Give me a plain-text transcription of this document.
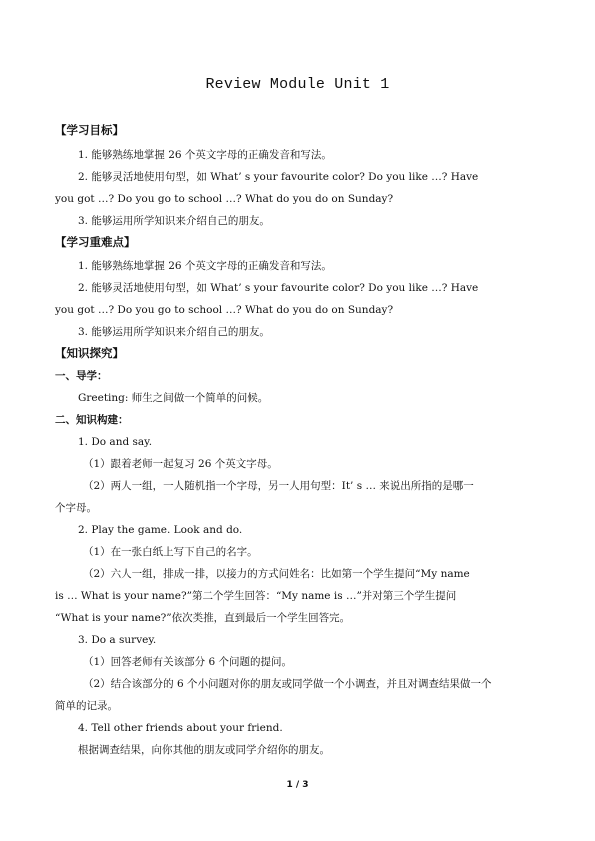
Review Module Unit 1
【学习目标】
1. 能够熟练地掌握 26 个英文字母的正确发音和写法。
2. 能够灵活地使用句型，如 What’ s your favourite color? Do you like …? Have
you got …? Do you go to school …? What do you do on Sunday?
3. 能够运用所学知识来介绍自己的朋友。
【学习重难点】
1. 能够熟练地掌握 26 个英文字母的正确发音和写法。
2. 能够灵活地使用句型，如 What’ s your favourite color? Do you like …? Have
you got …? Do you go to school …? What do you do on Sunday?
3. 能够运用所学知识来介绍自己的朋友。
【知识探究】
一、导学：
Greeting: 师生之间做一个简单的问候。
二、知识构建：
1. Do and say.
（1）跟着老师一起复习 26 个英文字母。
（2）两人一组，一人随机指一个字母，另一人用句型：It’ s … 来说出所指的是哪一
个字母。
2. Play the game. Look and do.
（1）在一张白纸上写下自己的名字。
（2）六人一组，排成一排，以接力的方式问姓名：比如第一个学生提问“My name
is … What is your name?”第二个学生回答：“My name is …”并对第三个学生提问
“What is your name?”依次类推，直到最后一个学生回答完。
3. Do a survey.
（1）回答老师有关该部分 6 个问题的提问。
（2）结合该部分的 6 个小问题对你的朋友或同学做一个小调查，并且对调查结果做一个
简单的记录。
4. Tell other friends about your friend.
根据调查结果，向你其他的朋友或同学介绍你的朋友。
1 / 3
